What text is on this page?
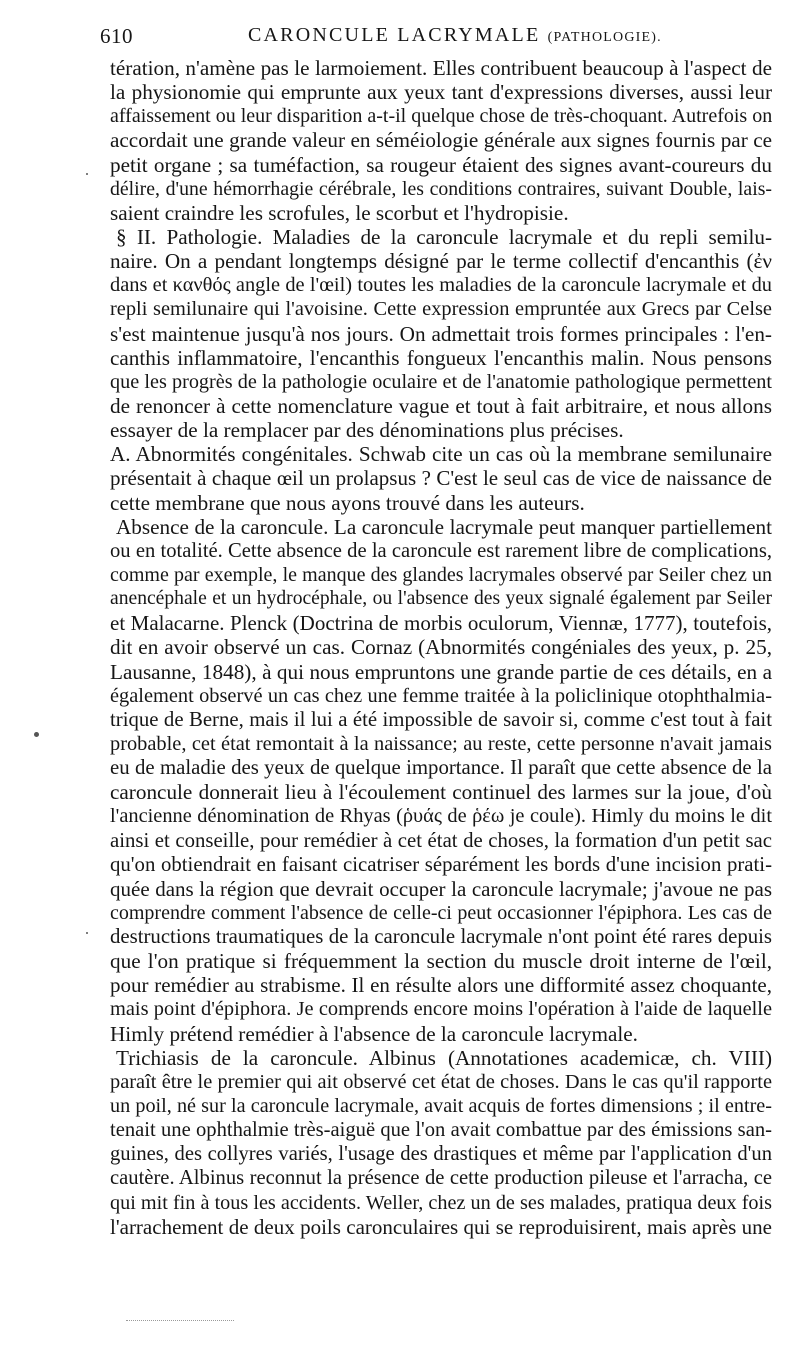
610	CARONCULE LACRYMALE (PATHOLOGIE).
tération, n'amène pas le larmoiement. Elles contribuent beaucoup à l'aspect de
la physionomie qui emprunte aux yeux tant d'expressions diverses, aussi leur
affaissement ou leur disparition a-t-il quelque chose de très-choquant. Autrefois on
accordait une grande valeur en séméiologie générale aux signes fournis par ce
petit organe ; sa tuméfaction, sa rougeur étaient des signes avant-coureurs du
délire, d'une hémorrhagie cérébrale, les conditions contraires, suivant Double, lais-
saient craindre les scrofules, le scorbut et l'hydropisie.
§ II. Pathologie. Maladies de la caroncule lacrymale et du repli semilu-
naire. On a pendant longtemps désigné par le terme collectif d'encanthis (ἐν
dans et κανθός angle de l'œil) toutes les maladies de la caroncule lacrymale et du
repli semilunaire qui l'avoisine. Cette expression empruntée aux Grecs par Celse
s'est maintenue jusqu'à nos jours. On admettait trois formes principales : l'en-
canthis inflammatoire, l'encanthis fongueux l'encanthis malin. Nous pensons
que les progrès de la pathologie oculaire et de l'anatomie pathologique permettent
de renoncer à cette nomenclature vague et tout à fait arbitraire, et nous allons
essayer de la remplacer par des dénominations plus précises.
A. Abnormités congénitales. Schwab cite un cas où la membrane semilunaire
présentait à chaque œil un prolapsus ? C'est le seul cas de vice de naissance de
cette membrane que nous ayons trouvé dans les auteurs.
Absence de la caroncule. La caroncule lacrymale peut manquer partiellement
ou en totalité. Cette absence de la caroncule est rarement libre de complications,
comme par exemple, le manque des glandes lacrymales observé par Seiler chez un
anencéphale et un hydrocéphale, ou l'absence des yeux signalé également par Seiler
et Malacarne. Plenck (Doctrina de morbis oculorum, Viennæ, 1777), toutefois,
dit en avoir observé un cas. Cornaz (Abnormités congéniales des yeux, p. 25,
Lausanne, 1848), à qui nous empruntons une grande partie de ces détails, en a
également observé un cas chez une femme traitée à la policlinique otophthalmia-
trique de Berne, mais il lui a été impossible de savoir si, comme c'est tout à fait
probable, cet état remontait à la naissance; au reste, cette personne n'avait jamais
eu de maladie des yeux de quelque importance. Il paraît que cette absence de la
caroncule donnerait lieu à l'écoulement continuel des larmes sur la joue, d'où
l'ancienne dénomination de Rhyas (ῥυάς de ῥέω je coule). Himly du moins le dit
ainsi et conseille, pour remédier à cet état de choses, la formation d'un petit sac
qu'on obtiendrait en faisant cicatriser séparément les bords d'une incision prati-
quée dans la région que devrait occuper la caroncule lacrymale; j'avoue ne pas
comprendre comment l'absence de celle-ci peut occasionner l'épiphora. Les cas de
destructions traumatiques de la caroncule lacrymale n'ont point été rares depuis
que l'on pratique si fréquemment la section du muscle droit interne de l'œil,
pour remédier au strabisme. Il en résulte alors une difformité assez choquante,
mais point d'épiphora. Je comprends encore moins l'opération à l'aide de laquelle
Himly prétend remédier à l'absence de la caroncule lacrymale.
Trichiasis de la caroncule. Albinus (Annotationes academicæ, ch. VIII)
paraît être le premier qui ait observé cet état de choses. Dans le cas qu'il rapporte
un poil, né sur la caroncule lacrymale, avait acquis de fortes dimensions ; il entre-
tenait une ophthalmie très-aiguë que l'on avait combattue par des émissions san-
guines, des collyres variés, l'usage des drastiques et même par l'application d'un
cautère. Albinus reconnut la présence de cette production pileuse et l'arracha, ce
qui mit fin à tous les accidents. Weller, chez un de ses malades, pratiqua deux fois
l'arrachement de deux poils caronculaires qui se reproduisirent, mais après une
